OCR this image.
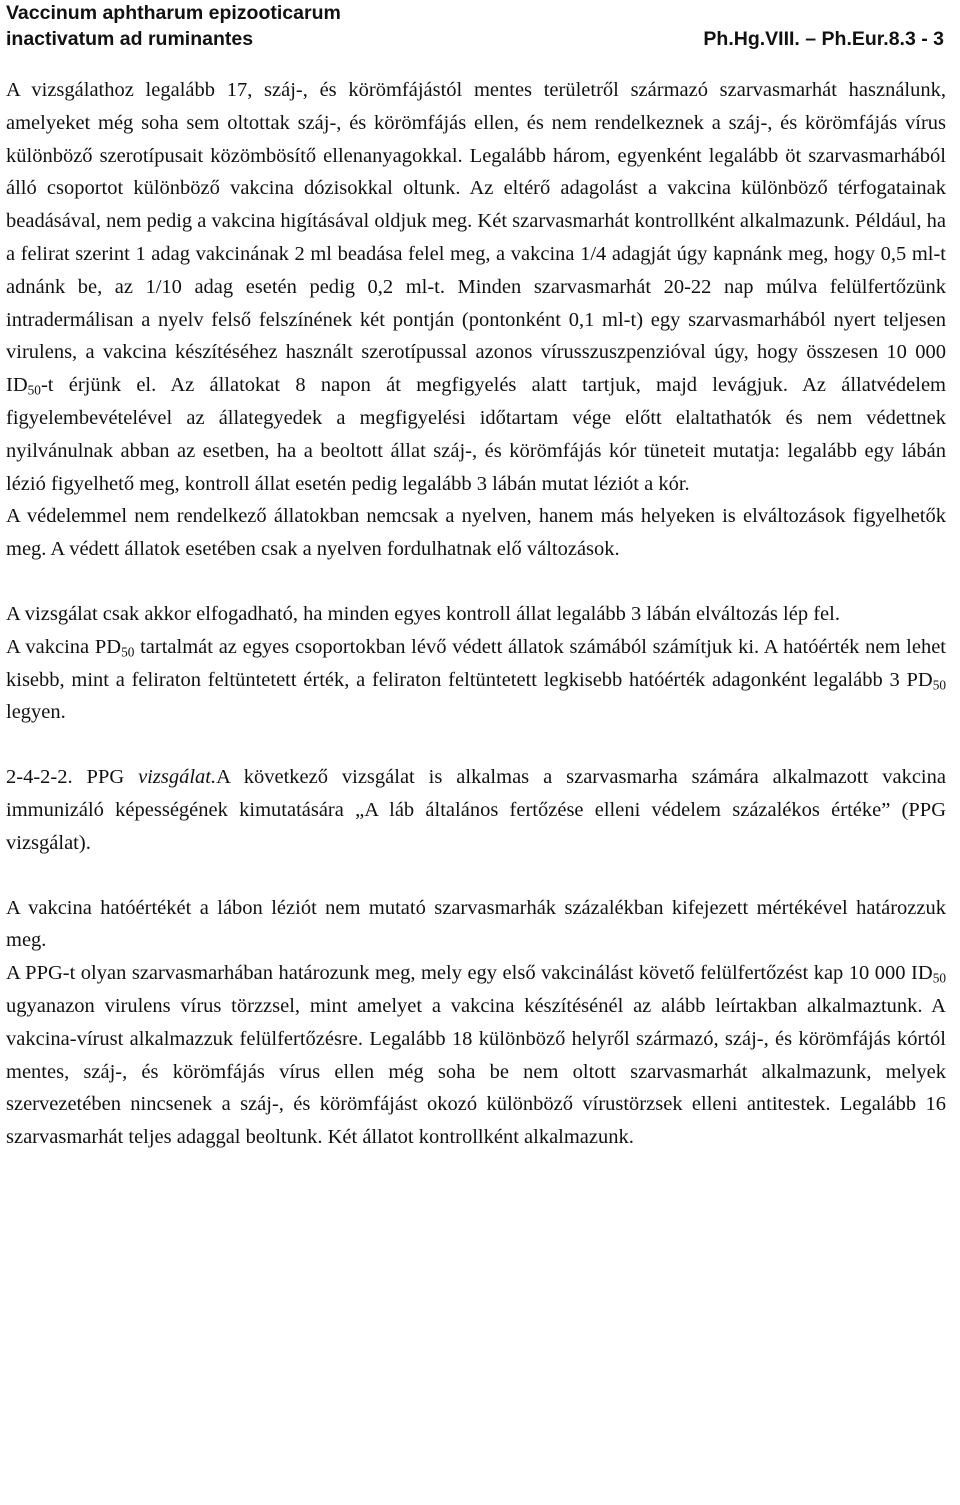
Vaccinum aphtharum epizooticarum
inactivatum ad ruminantes	Ph.Hg.VIII. – Ph.Eur.8.3 - 3

A vizsgálathoz legalább 17, száj-, és körömfájástól mentes területről származó szarvasmarhát használunk, amelyeket még soha sem oltottak száj-, és körömfájás ellen, és nem rendelkeznek a száj-, és körömfájás vírus különböző szerotípusait közömbösítő ellenanyagokkal. Legalább három, egyenként legalább öt szarvasmarhából álló csoportot különböző vakcina dózisokkal oltunk. Az eltérő adagolást a vakcina különböző térfogatainak beadásával, nem pedig a vakcina higításával oldjuk meg. Két szarvasmarhát kontrollként alkalmazunk. Például, ha a felirat szerint 1 adag vakcinának 2 ml beadása felel meg, a vakcina 1/4 adagját úgy kapnánk meg, hogy 0,5 ml-t adnánk be, az 1/10 adag esetén pedig 0,2 ml-t. Minden szarvasmarhát 20-22 nap múlva felülfertőzünk intradermálisan a nyelv felső felszínének két pontján (pontonként 0,1 ml-t) egy szarvasmarhából nyert teljesen virulens, a vakcina készítéséhez használt szerotípussal azonos vírusszuszpenzióval úgy, hogy összesen 10 000 $ID_{50}-t$ érjünk el. Az állatokat 8 napon át megfigyelés alatt tartjuk, majd levágjuk. Az állatvédelem figyelembevételével az állategyedek a megfigyelési időtartam vége előtt elaltathatók és nem védettnek nyilvánulnak abban az esetben, ha a beoltott állat száj-, és körömfájás kór tüneteit mutatja: legalább egy lábán lézió figyelhető meg, kontroll állat esetén pedig legalább 3 lábán mutat léziót a kór.

A védelemmel nem rendelkező állatokban nemcsak a nyelven, hanem más helyeken is elváltozások figyelhetők meg. A védett állatok esetében csak a nyelven fordulhatnak elő változások.

A vizsgálat csak akkor elfogadható, ha minden egyes kontroll állat legalább 3 lábán elváltozás lép fel.

A vakcina $PD_{50}$ tartalmát az egyes csoportokban lévő védett állatok számából számítjuk ki. A hatóérték nem lehet kisebb, mint a feliraton feltüntetett érték, a feliraton feltüntetett legkisebb hatóérték adagonként legalább 3 $PD_{50}$ legyen.

2-4-2-2. PPG vizsgálat.A következő vizsgálat is alkalmas a szarvasmarha számára alkalmazott vakcina immunizáló képességének kimutatására „A láb általános fertőzése elleni védelem százalékos értéke” (PPG vizsgálat).

A vakcina hatóértékét a lábon léziót nem mutató szarvasmarhák százalékban kifejezett mértékével határozzuk meg.

A PPG-t olyan szarvasmarhában határozunk meg, mely egy első vakcinálást követő felülfertőzést kap 10 000 $ID_{50}$ ugyanazon virulens vírus törzzsel, mint amelyet a vakcina készítésénél az alább leírtakban alkalmaztunk. A vakcina-vírust alkalmazzuk felülfertőzésre. Legalább 18 különböző helyről származó, száj-, és körömfájás kórtól mentes, száj-, és körömfájás vírus ellen még soha be nem oltott szarvasmarhát alkalmazunk, melyek szervezetében nincsenek a száj-, és körömfájást okozó különböző vírustörzsek elleni antitestek. Legalább 16 szarvasmarhát teljes adaggal beoltunk. Két állatot kontrollként alkalmazunk.
